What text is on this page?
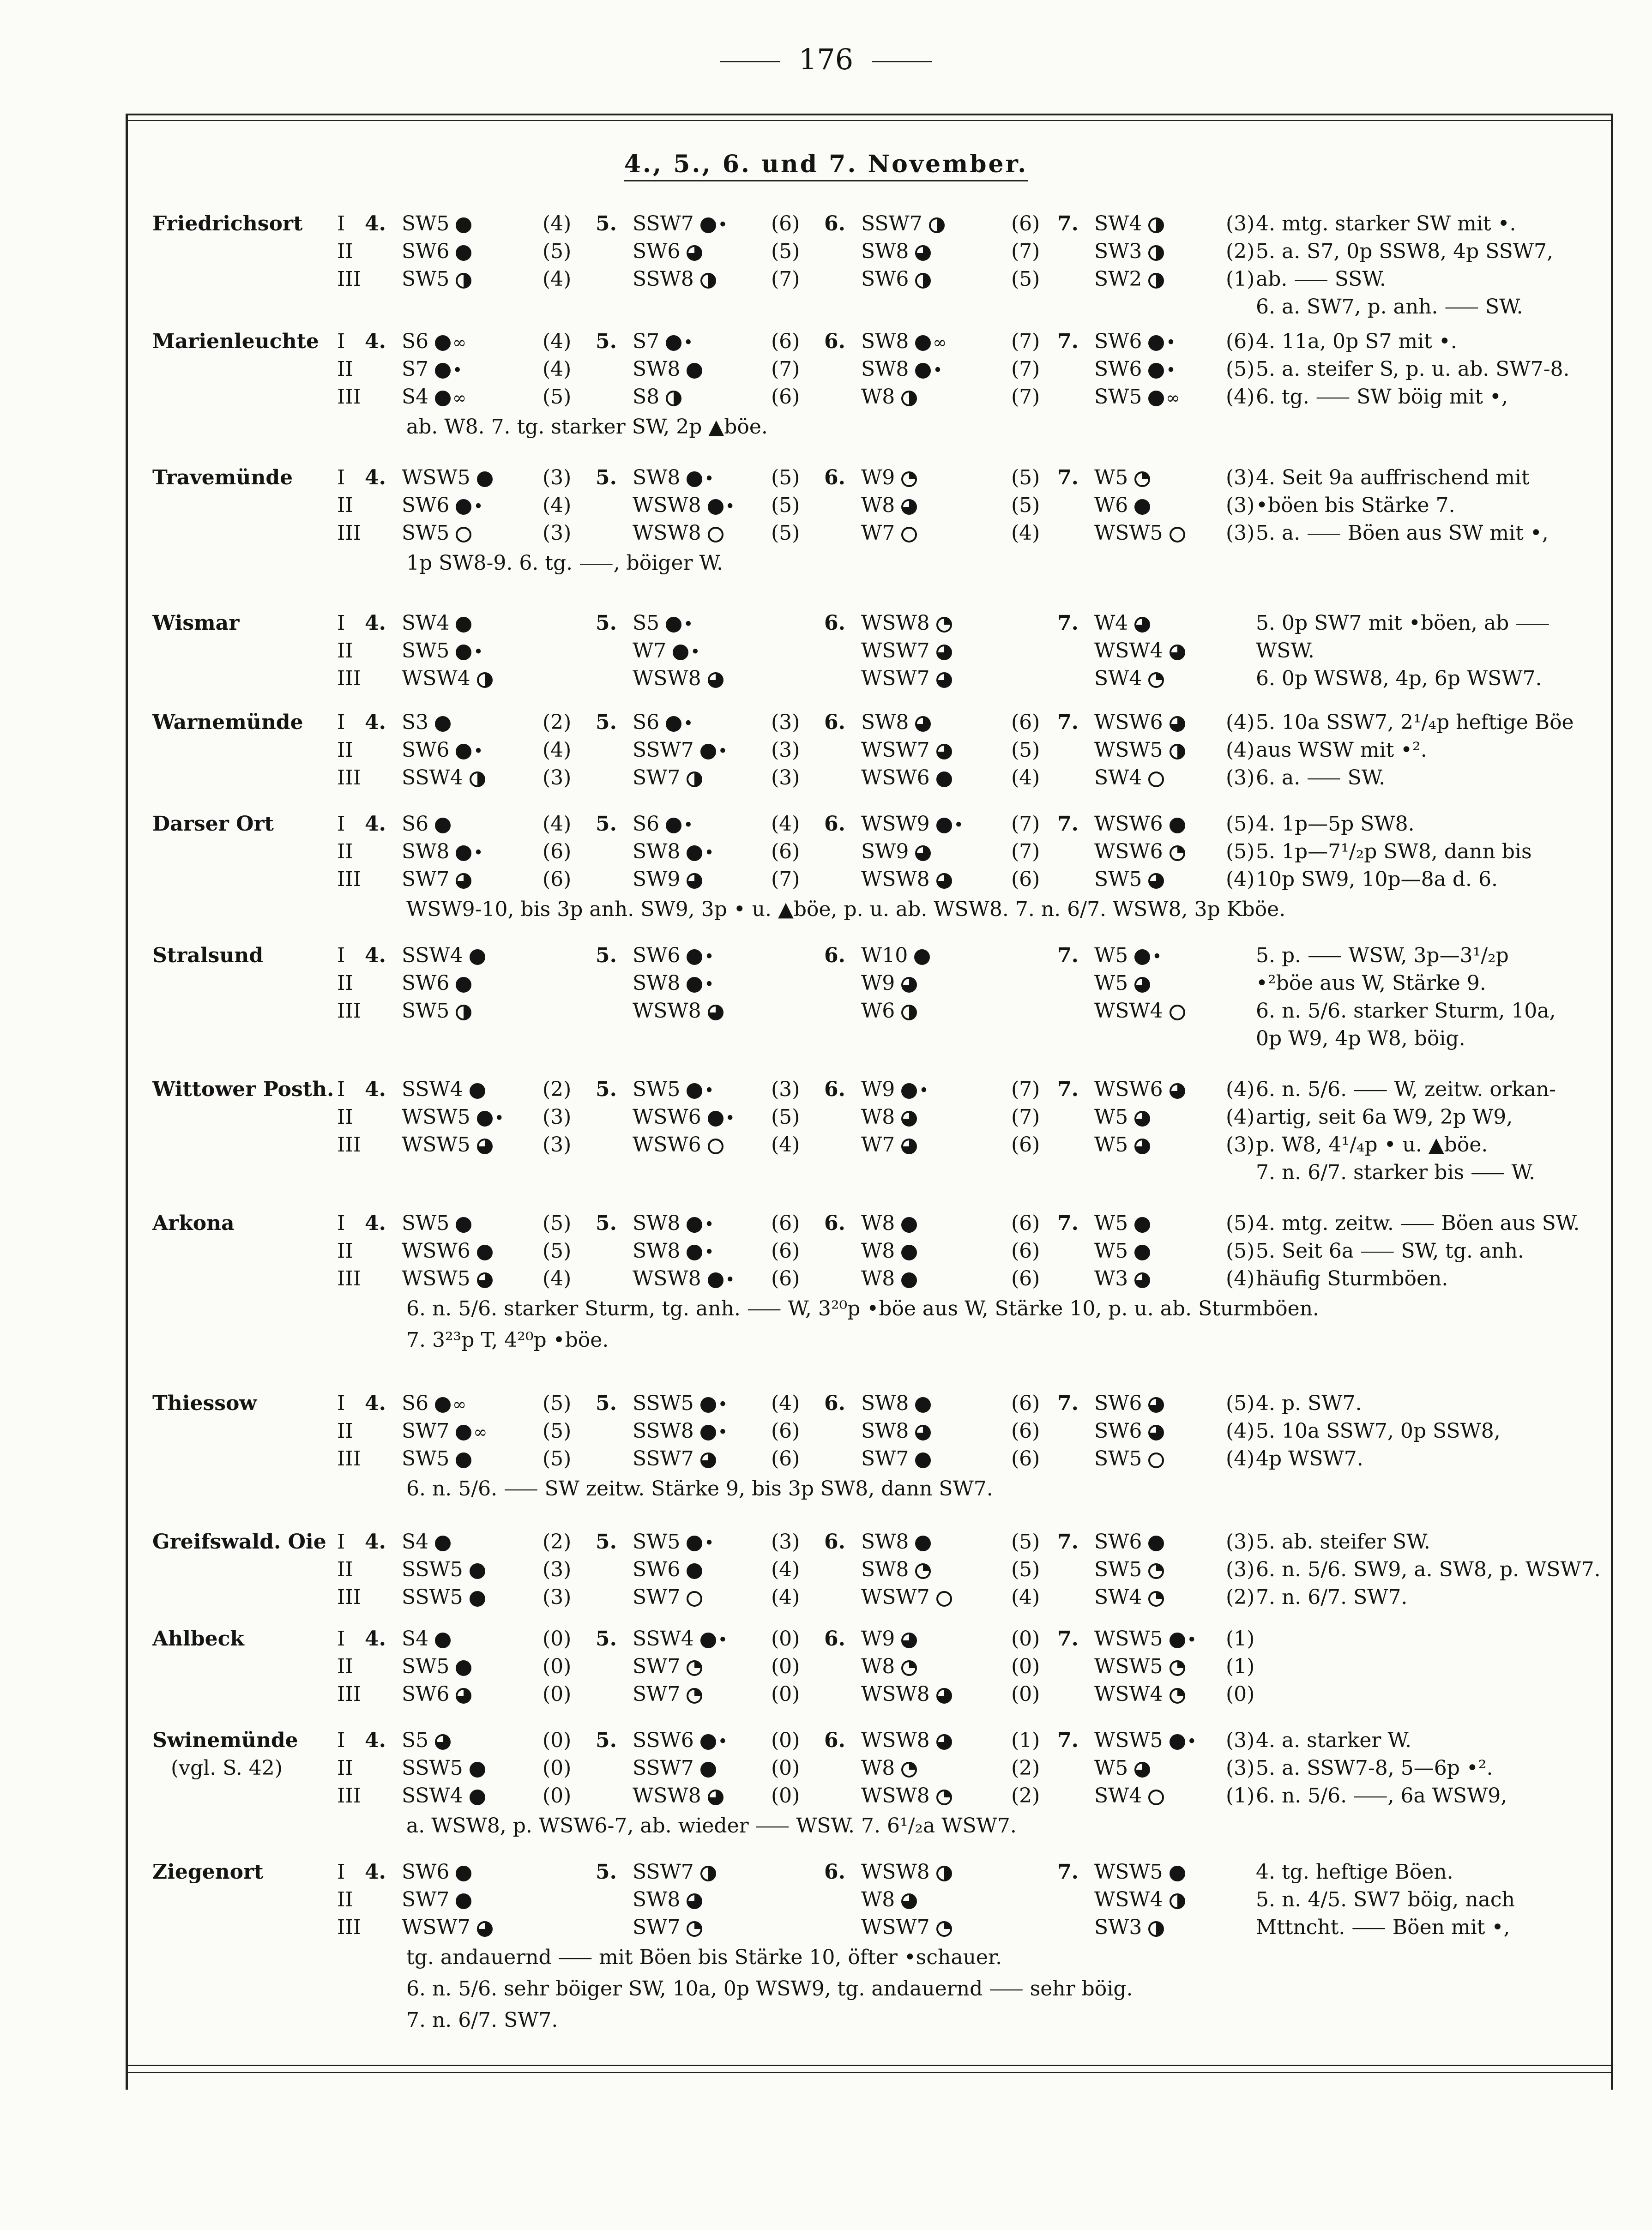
176
4., 5., 6. und 7. November.
Friedrichsort I 4. SW5	(4) 5. SSW7 • (6) 6. SSW7	(6) 7. SW4	(3)
II SW6	(5)	SW6	(5)	SW8	(7)	SW3	(2)
III SW5	(4)	SSW8	(7)	SW6	(5)	SW2	(1)
4. mtg. starker SW mit •.
5. a. S7, 0p SSW8, 4p SSW7,
ab. ⸺ SSW.
6. a. SW7, p. anh. ⸺ SW.
Marienleuchte I 4. S6 ∞	(4) 5. S7 •	(6) 6. SW8 ∞	(7) 7. SW6 • (6)
II S7 •	(4)	SW8	(7)	SW8 •	(7)	SW6 • (5)
III S4 ∞	(5)	S8	(6)	W8	(7)	SW5 ∞ (4)
4. 11a, 0p S7 mit •.
5. a. steifer S, p. u. ab. SW7-8.
6. tg. ⸺ SW böig mit •,
ab. W8. 7. tg. starker SW, 2p ▲böe.
Travemünde I 4. WSW5	(3) 5. SW8 •	(5) 6. W9	(5) 7. W5	(3)
II SW6 •	(4)	WSW8 • (5)	W8	(5)	W6	(3)
III SW5	(3)	WSW8	(5)	W7	(4)	WSW5	(3)
4. Seit 9a auffrischend mit
•böen bis Stärke 7.
5. a. ⸺ Böen aus SW mit •,
1p SW8-9. 6. tg. ⸺, böiger W.
Wismar	I 4. SW4	5. S5 •	6. WSW8	7. W4
II SW5 •	W7 •	WSW7	WSW4
III WSW4	WSW8	WSW7	SW4
5. 0p SW7 mit •böen, ab ⸺
WSW.
6. 0p WSW8, 4p, 6p WSW7.
Warnemünde I 4. S3	(2) 5. S6 •	(3) 6. SW8	(6) 7. WSW6	(4)
II SW6 •	(4)	SSW7 • (3)	WSW7	(5)	WSW5	(4)
III SSW4	(3)	SW7	(3)	WSW6	(4)	SW4	(3)
5. 10a SSW7, 2¹/₄p heftige Böe
aus WSW mit •².
6. a. ⸺ SW.
Darser Ort	I 4. S6	(4) 5. S6 •	(4) 6. WSW9 • (7) 7. WSW6	(5)
II SW8 •	(6)	SW8 •	(6)	SW9	(7)	WSW6	(5)
III SW7	(6)	SW9	(7)	WSW8	(6)	SW5	(4)
4. 1p—5p SW8.
5. 1p—7¹/₂p SW8, dann bis
10p SW9, 10p—8a d. 6.
WSW9-10, bis 3p anh. SW9, 3p • u. ▲böe, p. u. ab. WSW8. 7. n. 6/7. WSW8, 3p Kböe.
Stralsund	I 4. SSW4	5. SW6 •	6. W10	7. W5 •
II SW6	SW8 •	W9	W5
III SW5	WSW8	W6	WSW4
5. p. ⸺ WSW, 3p—3¹/₂p
•²böe aus W, Stärke 9.
6. n. 5/6. starker Sturm, 10a,
0p W9, 4p W8, böig.
Wittower Posth. I 4. SSW4	(2) 5. SW5 •	(3) 6. W9 •	(7) 7. WSW6	(4)
II WSW5 • (3)	WSW6 • (5)	W8	(7)	W5	(4)
III WSW5	(3)	WSW6	(4)	W7	(6)	W5	(3)
6. n. 5/6. ⸺ W, zeitw. orkan-
artig, seit 6a W9, 2p W9,
p. W8, 4¹/₄p • u. ▲böe.
7. n. 6/7. starker bis ⸺ W.
Arkona	I 4. SW5	(5) 5. SW8 •	(6) 6. W8	(6) 7. W5	(5)
II WSW6	(5)	SW8 •	(6)	W8	(6)	W5	(5)
III WSW5	(4)	WSW8 • (6)	W8	(6)	W3	(4)
4. mtg. zeitw. ⸺ Böen aus SW.
5. Seit 6a ⸺ SW, tg. anh.
häufig Sturmböen.
6. n. 5/6. starker Sturm, tg. anh. ⸺ W, 3²⁰p •böe aus W, Stärke 10, p. u. ab. Sturmböen.
7. 3²³p T, 4²⁰p •böe.
Thiessow	I 4. S6 ∞	(5) 5. SSW5 • (4) 6. SW8	(6) 7. SW6	(5)
II SW7 ∞	(5)	SSW8 • (6)	SW8	(6)	SW6	(4)
III SW5	(5)	SSW7	(6)	SW7	(6)	SW5	(4)
4. p. SW7.
5. 10a SSW7, 0p SSW8,
4p WSW7.
6. n. 5/6. ⸺ SW zeitw. Stärke 9, bis 3p SW8, dann SW7.
Greifswald. Oie I 4. S4	(2) 5. SW5 •	(3) 6. SW8	(5) 7. SW6	(3)
II SSW5	(3)	SW6	(4)	SW8	(5)	SW5	(3)
III SSW5	(3)	SW7	(4)	WSW7	(4)	SW4	(2)
5. ab. steifer SW.
6. n. 5/6. SW9, a. SW8, p. WSW7.
7. n. 6/7. SW7.
Ahlbeck	I 4. S4	(0) 5. SSW4 • (0) 6. W9	(0) 7. WSW5 • (1)
II SW5	(0)	SW7	(0)	W8	(0)	WSW5	(1)
III SW6	(0)	SW7	(0)	WSW8	(0)	WSW4	(0)
Swinemünde
(vgl. S. 42)
I 4. S5	(0) 5. SSW6 • (0) 6. WSW8	(1) 7. WSW5 • (3)
II SSW5	(0)	SSW7	(0)	W8	(2)	W5	(3)
III SSW4	(0)	WSW8	(0)	WSW8	(2)	SW4	(1)
4. a. starker W.
5. a. SSW7-8, 5—6p •².
6. n. 5/6. ⸺, 6a WSW9,
a. WSW8, p. WSW6-7, ab. wieder ⸺ WSW. 7. 6¹/₂a WSW7.
Ziegenort	I 4. SW6	5. SSW7	6. WSW8	7. WSW5
II SW7	SW8	W8	WSW4
III WSW7	SW7	WSW7	SW3
4. tg. heftige Böen.
5. n. 4/5. SW7 böig, nach
Mttncht. ⸺ Böen mit •,
tg. andauernd ⸺ mit Böen bis Stärke 10, öfter •schauer.
6. n. 5/6. sehr böiger SW, 10a, 0p WSW9, tg. andauernd ⸺ sehr böig.
7. n. 6/7. SW7.
